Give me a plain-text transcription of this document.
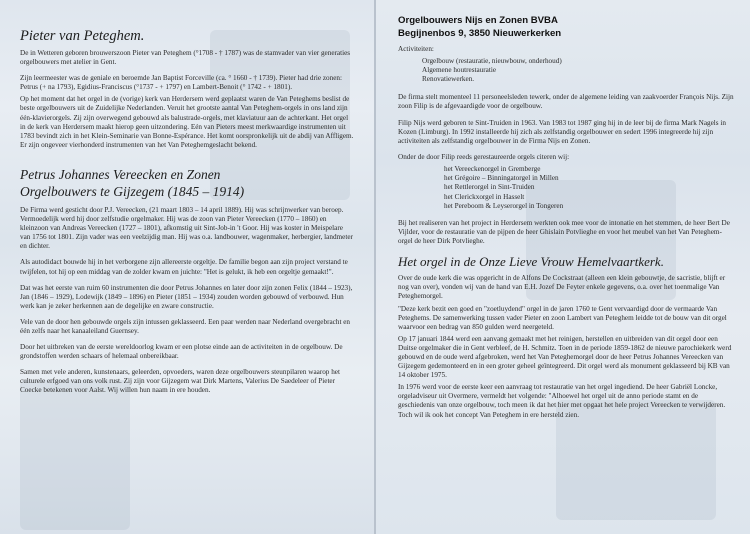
Pieter van Peteghem.

De in Wetteren geboren brouwerszoon Pieter van Peteghem (°1708 - † 1787) was de stamvader van vier generaties orgelbouwers met atelier in Gent.

Zijn leermeester was de geniale en beroemde Jan Baptist Forceville (ca. ° 1660 - † 1739). Pieter had drie zonen: Petrus (+ na 1793), Egidius-Franciscus (°1737 - + 1797) en Lambert-Benoit (° 1742 - + 1801).

Op het moment dat het orgel in de (vorige) kerk van Herdersem werd geplaatst waren de Van Peteghems beslist de beste orgelbouwers uit de Zuidelijke Nederlanden. Veruit het grootste aantal Van Peteghem-orgels in ons land zijn één-klavierorgels. Zij zijn overwegend gebouwd als balustrade-orgels, met klaviatuur aan de achterkant. Het orgel in de kerk van Herdersem maakt hierop geen uitzondering. Eén van Pieters meest merkwaardige instrumenten uit 1783 bevindt zich in het Klein-Seminarie van Bonne-Espérance. Het komt oorspronkelijk uit de abdij van Affligem. Er zijn ongeveer vierhonderd instrumenten van het Van Peteghemgeslacht bekend.

Petrus Johannes Vereecken en Zonen
Orgelbouwers te Gijzegem (1845 – 1914)

De Firma werd gesticht door P.J. Vereecken, (21 maart 1803 – 14 april 1889). Hij was schrijnwerker van beroep. Vermoedelijk werd hij door zelfstudie orgelmaker. Hij was de zoon van Pieter Vereecken (1770 – 1860) en kleinzoon van Andreas Vereecken (1727 – 1801), afkomstig uit Sint-Job-in 't Goor. Hij was koster in Meispelare van 1756 tot 1801. Zijn vader was een veelzijdig man. Hij was o.a. landbouwer, wagenmaker, herbergier, landmeter en dichter.

Als autodidact bouwde hij in het verborgene zijn allereerste orgeltje. De familie begon aan zijn project verstand te twijfelen, tot hij op een middag van de zolder kwam en juichte: "Het is gelukt, ik heb een orgeltje gemaakt!".

Dat was het eerste van ruim 60 instrumenten die door Petrus Johannes en later door zijn zonen Felix (1844 – 1923), Jan (1846 – 1929), Lodewijk (1849 – 1896) en Pieter (1851 – 1934) zouden worden gebouwd of verbouwd. Hun werk kan je zeker herkennen aan de degelijke en zware constructie.

Vele van de door hen gebouwde orgels zijn intussen geklasseerd. Een paar werden naar Nederland overgebracht en één zelfs naar het kanaaleiland Guernsey.

Door het uitbreken van de eerste wereldoorlog kwam er een plotse einde aan de activiteiten in de orgelbouw. De grondstoffen werden schaars of helemaal onbereikbaar.

Samen met vele anderen, kunstenaars, geleerden, opvoeders, waren deze orgelbouwers steunpilaren waarop het culturele erfgoed van ons volk rust. Zij zijn voor Gijzegem wat Dirk Martens, Valerius De Saedeleer of Pieter Coecke betekenen voor Aalst. Wij willen hun naam in ere houden.

Orgelbouwers Nijs en Zonen BVBA
Begijnenbos 9, 3850 Nieuwerkerken

Activiteiten:

Orgelbouw (restauratie, nieuwbouw, onderhoud)
Algemene houtrestauratie
Renovatiewerken.

De firma stelt momenteel 11 personeelsleden tewerk, onder de algemene leiding van zaakvoerder François Nijs. Zijn zoon Filip is de afgevaardigde voor de orgelbouw.

Filip Nijs werd geboren te Sint-Truiden in 1963. Van 1983 tot 1987 ging hij in de leer bij de firma Mark Nagels in Kozen (Limburg). In 1992 installeerde hij zich als zelfstandig orgelbouwer en sedert 1996 integreerde hij zijn activiteiten als zelfstandig orgelbouwer in de Firma Nijs en Zonen.

Onder de door Filip reeds gerestaureerde orgels citeren wij:

het Vereeckenorgel in Gremberge
het Grégoire – Binningatorgel in Millen
het Rettlerorgel in Sint-Truiden
het Clerickxorgel in Hasselt
het Pereboom & Leyserorgel in Tongeren

Bij het realiseren van het project in Herdersem werkten ook mee voor de intonatie en het stemmen, de heer Bert De Vijlder, voor de restauratie van de pijpen de heer Ghislain Potvlieghe en voor het meubel van het Van Peteghem-orgel de heer Dirk Potvlieghe.

Het orgel in de Onze Lieve Vrouw Hemelvaartkerk.

Over de oude kerk die was opgericht in de Alfons De Cockstraat (alleen een klein gebouwtje, de sacristie, blijft er nog van over), vonden wij van de hand van E.H. Jozef De Feyter enkele gegevens, o.a. over het toenmalige Van Peteghemorgel.

"Deze kerk bezit een goed en "zoetluydend" orgel in de jaren 1760 te Gent vervaardigd door de vermaarde Van Peteghems. De samenwerking tussen vader Pieter en zoon Lambert van Peteghem leidde tot de bouw van dit orgel waarvoor een bedrag van 850 gulden werd neergeteld.

Op 17 januari 1844 werd een aanvang gemaakt met het reinigen, herstellen en uitbreiden van dit orgel door een Duitse orgelmaker die in Gent verbleef, de H. Schmitz. Toen in de periode 1859-1862 de nieuwe parochiekerk werd gebouwd en de oude werd afgebroken, werd het Van Peteghemorgel door de heer Petrus Johannes Vereecken van Gijzegem gedemonteerd en in een groter geheel geïntegreerd. Dit orgel werd als monument geklasseerd bij KB van 14 oktober 1975.

In 1976 werd voor de eerste keer een aanvraag tot restauratie van het orgel ingediend. De heer Gabriël Loncke, orgeladviseur uit Overmere, vermeldt het volgende: "Alhoewel het orgel uit de anno periode stamt en de geschiedenis van onze orgelbouw, toch meen ik dat het hier met opgaat het hele project Vereecken te verwijderen. Toch wil ik ook het concept Van Peteghem in ere hersteld zien.
